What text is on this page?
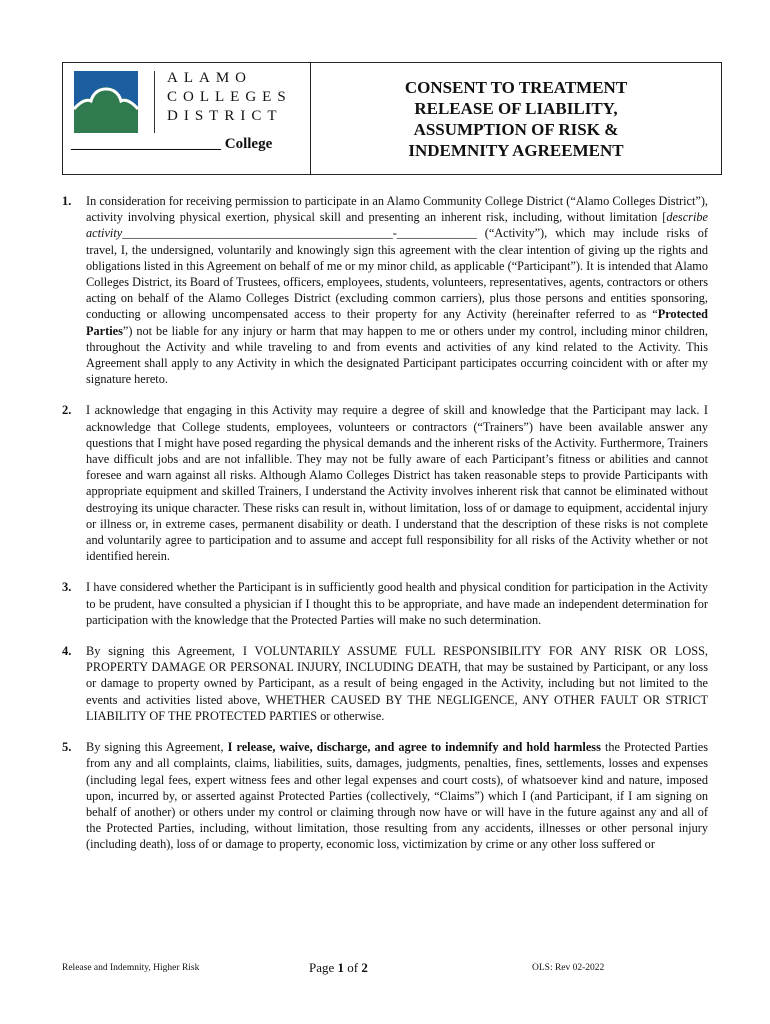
ALAMO
COLLEGES
DISTRICT
____________________ College
CONSENT TO TREATMENT
RELEASE OF LIABILITY,
ASSUMPTION OF RISK &
INDEMNITY AGREEMENT
1.	In consideration for receiving permission to participate in an Alamo Community College District (“Alamo Colleges District”), activity involving physical exertion, physical skill and presenting an inherent risk, including, without limitation [describe activity____________________________________________-_____________ (“Activity”), which may include risks of travel, I, the undersigned, voluntarily and knowingly sign this agreement with the clear intention of giving up the rights and obligations listed in this Agreement on behalf of me or my minor child, as applicable (“Participant”). It is intended that Alamo Colleges District, its Board of Trustees, officers, employees, students, volunteers, representatives, agents, contractors or others acting on behalf of the Alamo Colleges District (excluding common carriers), plus those persons and entities sponsoring, conducting or allowing uncompensated access to their property for any Activity (hereinafter referred to as “Protected Parties”) not be liable for any injury or harm that may happen to me or others under my control, including minor children, throughout the Activity and while traveling to and from events and activities of any kind related to the Activity. This Agreement shall apply to any Activity in which the designated Participant participates occurring coincident with or after my signature hereto.
2.	I acknowledge that engaging in this Activity may require a degree of skill and knowledge that the Participant may lack. I acknowledge that College students, employees, volunteers or contractors (“Trainers”) have been available answer any questions that I might have posed regarding the physical demands and the inherent risks of the Activity. Furthermore, Trainers have difficult jobs and are not infallible. They may not be fully aware of each Participant’s fitness or abilities and cannot foresee and warn against all risks. Although Alamo Colleges District has taken reasonable steps to provide Participants with appropriate equipment and skilled Trainers, I understand the Activity involves inherent risk that cannot be eliminated without destroying its unique character. These risks can result in, without limitation, loss of or damage to equipment, accidental injury or illness or, in extreme cases, permanent disability or death. I understand that the description of these risks is not complete and voluntarily agree to participation and to assume and accept full responsibility for all risks of the Activity whether or not identified herein.
3.	I have considered whether the Participant is in sufficiently good health and physical condition for participation in the Activity to be prudent, have consulted a physician if I thought this to be appropriate, and have made an independent determination for participation with the knowledge that the Protected Parties will make no such determination.
4.	By signing this Agreement, I VOLUNTARILY ASSUME FULL RESPONSIBILITY FOR ANY RISK OR LOSS, PROPERTY DAMAGE OR PERSONAL INJURY, INCLUDING DEATH, that may be sustained by Participant, or any loss or damage to property owned by Participant, as a result of being engaged in the Activity, including but not limited to the events and activities listed above, WHETHER CAUSED BY THE NEGLIGENCE, ANY OTHER FAULT OR STRICT LIABILITY OF THE PROTECTED PARTIES or otherwise.
5.	By signing this Agreement, I release, waive, discharge, and agree to indemnify and hold harmless the Protected Parties from any and all complaints, claims, liabilities, suits, damages, judgments, penalties, fines, settlements, losses and expenses (including legal fees, expert witness fees and other legal expenses and court costs), of whatsoever kind and nature, imposed upon, incurred by, or asserted against Protected Parties (collectively, “Claims”) which I (and Participant, if I am signing on behalf of another) or others under my control or claiming through now have or will have in the future against any and all of the Protected Parties, including, without limitation, those resulting from any accidents, illnesses or other personal injury (including death), loss of or damage to property, economic loss, victimization by crime or any other loss suffered or
Release and Indemnity, Higher Risk	Page 1 of 2	OLS: Rev 02-2022
